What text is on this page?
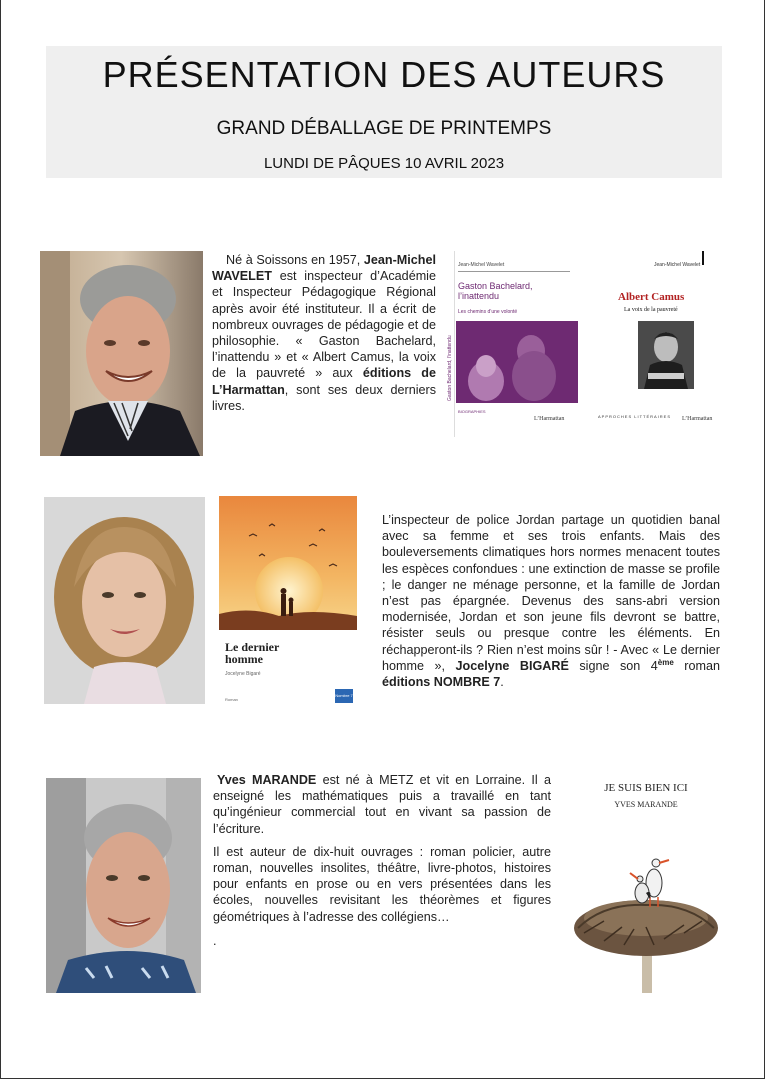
PRÉSENTATION DES AUTEURS
GRAND DÉBALLAGE DE PRINTEMPS
LUNDI DE PÂQUES 10 AVRIL 2023

Né à Soissons en 1957, Jean-Michel WAVELET est inspecteur d’Académie et Inspecteur Pédagogique Régional après avoir été instituteur. Il a écrit de nombreux ouvrages de pédagogie et de philosophie. « Gaston Bachelard, l’inattendu » et « Albert Camus, la voix de la pauvreté » aux éditions de L’Harmattan, sont ses deux derniers livres.

Jean-Michel Wavelet
Gaston Bachelard,
l’inattendu
Les chemins d’une volonté
Gaston Bachelard, l’inattendu
BIOGRAPHIES
L’Harmattan
Jean-Michel Wavelet
Albert Camus
La voix de la pauvreté
APPROCHES LITTÉRAIRES L’Harmattan
Le dernier
homme
Jocelyne Bigaré
Roman
Nombre 7

L’inspecteur de police Jordan partage un quotidien banal avec sa femme et ses trois enfants. Mais des bouleversements climatiques hors normes menacent toutes les espèces confondues : une extinction de masse se profile ; le danger ne ménage personne, et la famille de Jordan n’est pas épargnée. Devenus des sans-abri version modernisée, Jordan et son jeune fils devront se battre, résister seuls ou presque contre les éléments. En réchapperont-ils ? Rien n’est moins sûr ! - Avec « Le dernier homme », Jocelyne BIGARÉ signe son 4ème roman éditions NOMBRE 7.

Yves MARANDE est né à METZ et vit en Lorraine. Il a enseigné les mathématiques puis a travaillé en tant qu’ingénieur commercial tout en vivant sa passion de l’écriture.

Il est auteur de dix-huit ouvrages : roman policier, autre roman, nouvelles insolites, théâtre, livre-photos, histoires pour enfants en prose ou en vers présentées dans les écoles, nouvelles revisitant les théorèmes et figures géométriques à l’adresse des collégiens…

.

JE SUIS BIEN ICI
YVES MARANDE
